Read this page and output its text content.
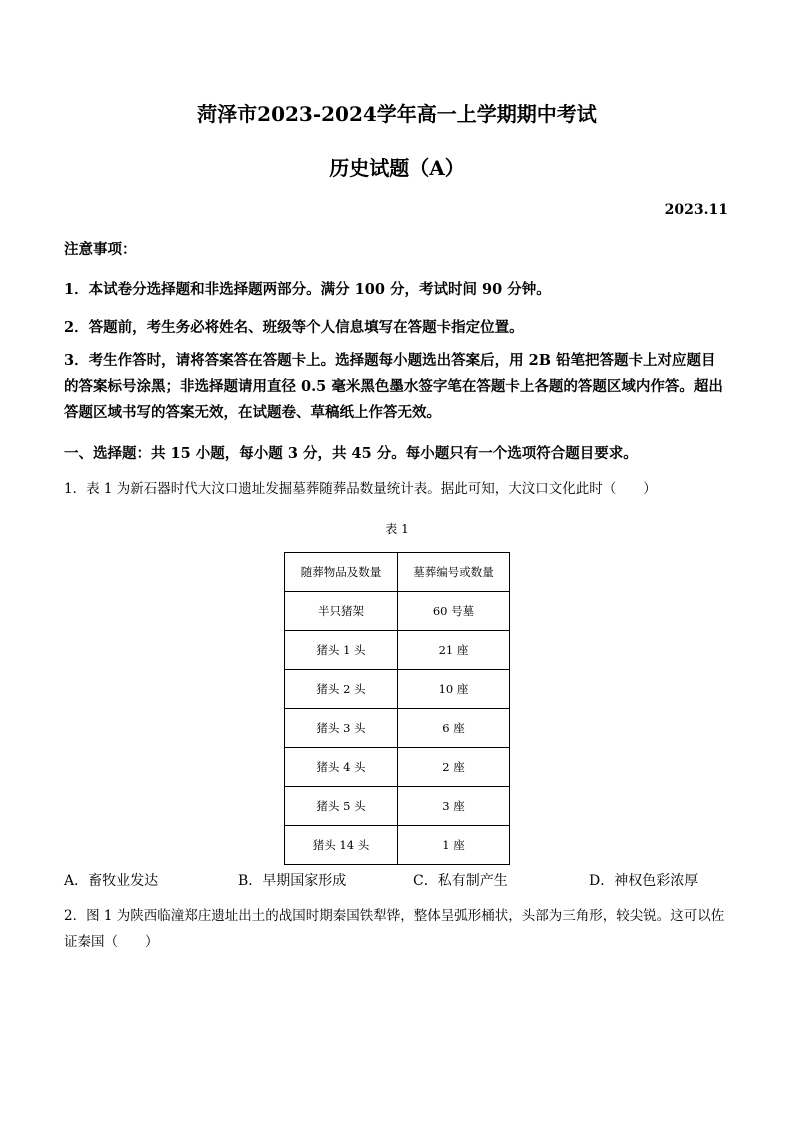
菏泽市2023-2024学年高一上学期期中考试
历史试题（A）
2023.11
注意事项：
1．本试卷分选择题和非选择题两部分。满分 100 分，考试时间 90 分钟。
2．答题前，考生务必将姓名、班级等个人信息填写在答题卡指定位置。
3．考生作答时，请将答案答在答题卡上。选择题每小题选出答案后，用 2B 铅笔把答题卡上对应题目的答案标号涂黑；非选择题请用直径 0.5 毫米黑色墨水签字笔在答题卡上各题的答题区域内作答。超出答题区域书写的答案无效，在试题卷、草稿纸上作答无效。
一、选择题：共 15 小题，每小题 3 分，共 45 分。每小题只有一个选项符合题目要求。
1．表 1 为新石器时代大汶口遗址发掘墓葬随葬品数量统计表。据此可知，大汶口文化此时（　　）
表 1
随葬物品及数量	墓葬编号或数量
半只猪架	60 号墓
猪头 1 头	21 座
猪头 2 头	10 座
猪头 3 头	6 座
猪头 4 头	2 座
猪头 5 头	3 座
猪头 14 头	1 座
A．畜牧业发达	B．早期国家形成	C．私有制产生	D．神权色彩浓厚
2．图 1 为陕西临潼郑庄遗址出土的战国时期秦国铁犁铧，整体呈弧形桶状，头部为三角形，较尖锐。这可以佐证秦国（　　）
